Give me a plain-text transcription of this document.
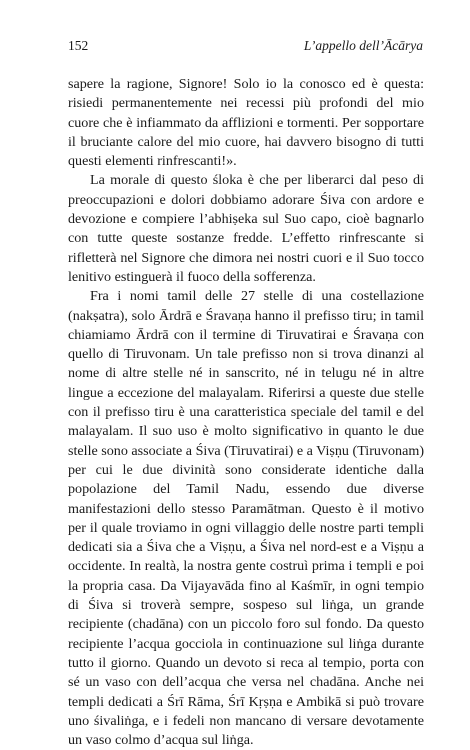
152	L’appello dell’Ācārya

sapere la ragione, Signore! Solo io la conosco ed è questa: risiedi permanentemente nei recessi più profondi del mio cuore che è infiammato da afflizioni e tormenti. Per sopportare il bruciante calore del mio cuore, hai davvero bisogno di tutti questi elementi rinfrescanti!».

La morale di questo śloka è che per liberarci dal peso di preoccupazioni e dolori dobbiamo adorare Śiva con ardore e devozione e compiere l’abhiṣeka sul Suo capo, cioè bagnarlo con tutte queste sostanze fredde. L’effetto rinfrescante si rifletterà nel Signore che dimora nei nostri cuori e il Suo tocco lenitivo estinguerà il fuoco della sofferenza.

Fra i nomi tamil delle 27 stelle di una costellazione (nakṣatra), solo Ārdrā e Śravaṇa hanno il prefisso tiru; in tamil chiamiamo Ārdrā con il termine di Tiruvatirai e Śravaṇa con quello di Tiruvonam. Un tale prefisso non si trova dinanzi al nome di altre stelle né in sanscrito, né in telugu né in altre lingue a eccezione del malayalam. Riferirsi a queste due stelle con il prefisso tiru è una caratteristica speciale del tamil e del malayalam. Il suo uso è molto significativo in quanto le due stelle sono associate a Śiva (Tiruvatirai) e a Viṣṇu (Tiruvonam) per cui le due divinità sono considerate identiche dalla popolazione del Tamil Nadu, essendo due diverse manifestazioni dello stesso Paramātman. Questo è il motivo per il quale troviamo in ogni villaggio delle nostre parti templi dedicati sia a Śiva che a Viṣṇu, a Śiva nel nord-est e a Viṣṇu a occidente. In realtà, la nostra gente costruì prima i templi e poi la propria casa. Da Vijayavāda fino al Kaśmīr, in ogni tempio di Śiva si troverà sempre, sospeso sul liṅga, un grande recipiente (chadāna) con un piccolo foro sul fondo. Da questo recipiente l’acqua gocciola in continuazione sul liṅga durante tutto il giorno. Quando un devoto si reca al tempio, porta con sé un vaso con dell’acqua che versa nel chadāna. Anche nei templi dedicati a Śrī Rāma, Śrī Kṛṣṇa e Ambikā si può trovare uno śivaliṅga, e i fedeli non mancano di versare devotamente un vaso colmo d’acqua sul liṅga.
